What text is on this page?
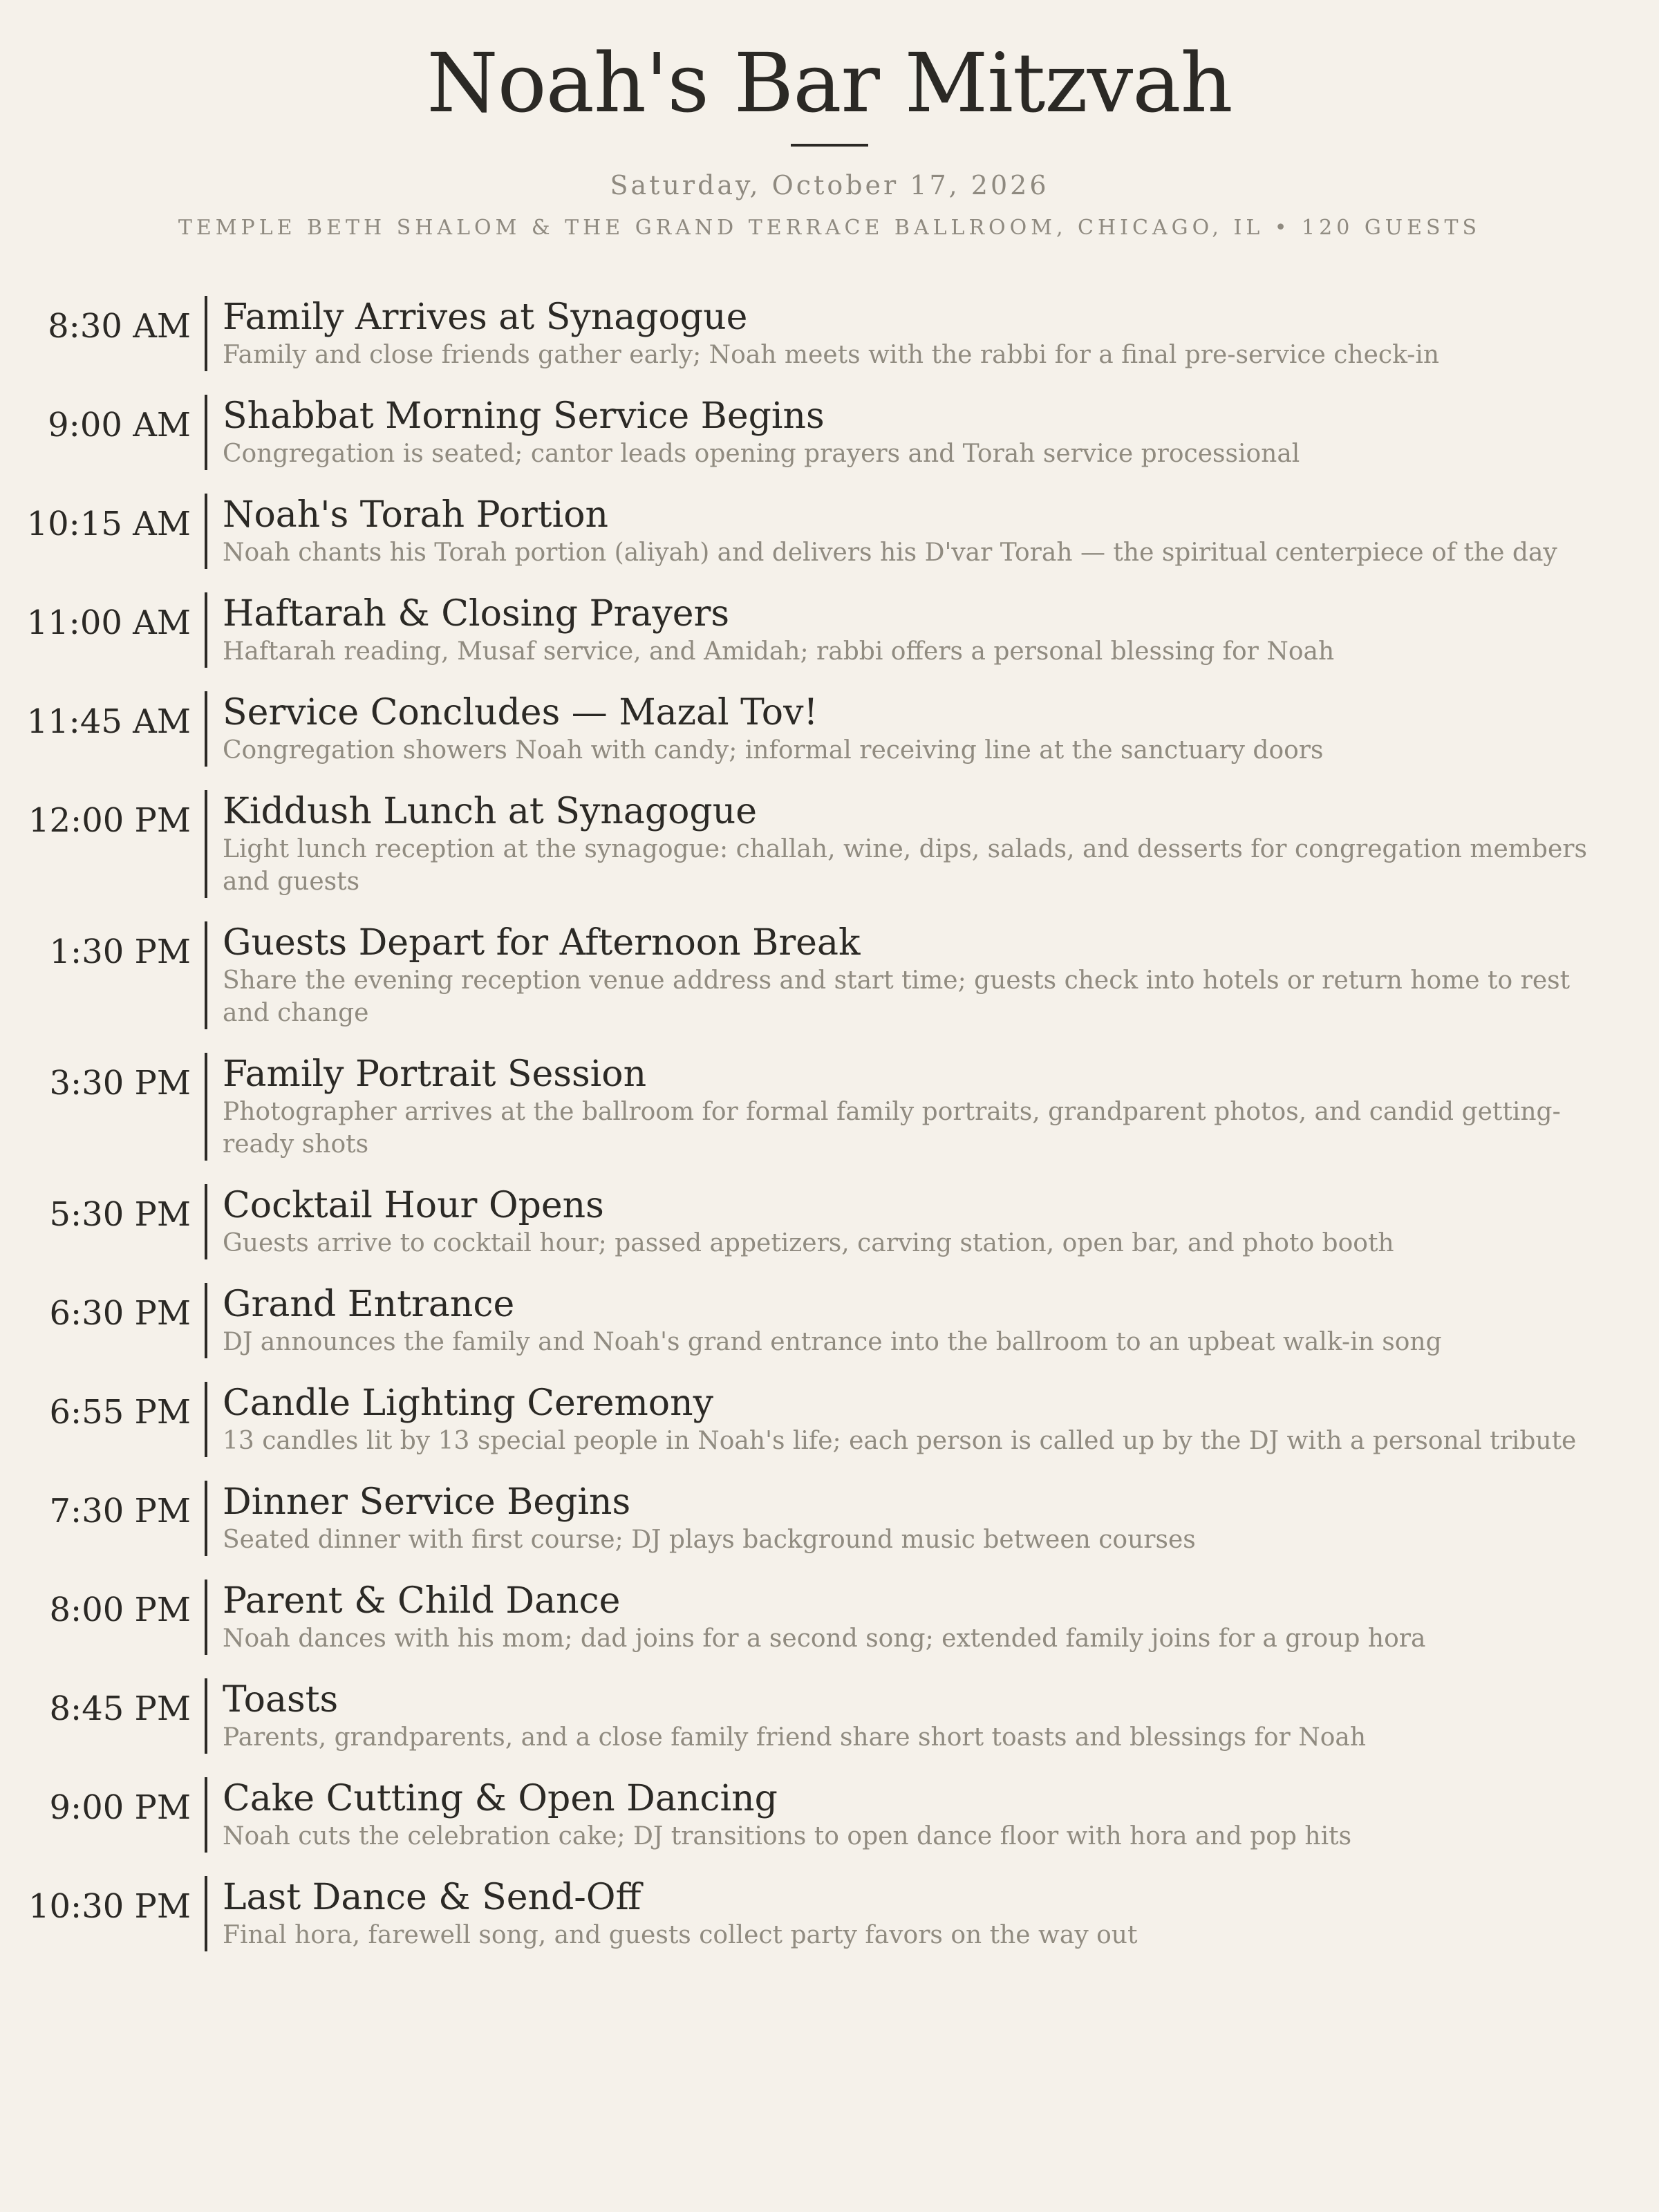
Noah's Bar Mitzvah

Saturday, October 17, 2026

TEMPLE BETH SHALOM & THE GRAND TERRACE BALLROOM, CHICAGO, IL • 120 GUESTS
8:30 AM Family Arrives at Synagogue

Family and close friends gather early; Noah meets with the rabbi for a final pre-service check-in

9:00 AM Shabbat Morning Service Begins

Congregation is seated; cantor leads opening prayers and Torah service processional

10:15 AM Noah's Torah Portion

Noah chants his Torah portion (aliyah) and delivers his D'var Torah — the spiritual centerpiece of the day

11:00 AM Haftarah & Closing Prayers

Haftarah reading, Musaf service, and Amidah; rabbi offers a personal blessing for Noah

11:45 AM Service Concludes — Mazal Tov!

Congregation showers Noah with candy; informal receiving line at the sanctuary doors

12:00 PM Kiddush Lunch at Synagogue

Light lunch reception at the synagogue: challah, wine, dips, salads, and desserts for congregation members and guests

1:30 PM Guests Depart for Afternoon Break

Share the evening reception venue address and start time; guests check into hotels or return home to rest and change

3:30 PM Family Portrait Session

Photographer arrives at the ballroom for formal family portraits, grandparent photos, and candid getting-ready shots

5:30 PM Cocktail Hour Opens

Guests arrive to cocktail hour; passed appetizers, carving station, open bar, and photo booth

6:30 PM Grand Entrance

DJ announces the family and Noah's grand entrance into the ballroom to an upbeat walk-in song

6:55 PM Candle Lighting Ceremony

13 candles lit by 13 special people in Noah's life; each person is called up by the DJ with a personal tribute

7:30 PM Dinner Service Begins

Seated dinner with first course; DJ plays background music between courses

8:00 PM Parent & Child Dance

Noah dances with his mom; dad joins for a second song; extended family joins for a group hora

8:45 PM Toasts

Parents, grandparents, and a close family friend share short toasts and blessings for Noah

9:00 PM Cake Cutting & Open Dancing

Noah cuts the celebration cake; DJ transitions to open dance floor with hora and pop hits

10:30 PM Last Dance & Send-Off

Final hora, farewell song, and guests collect party favors on the way out
